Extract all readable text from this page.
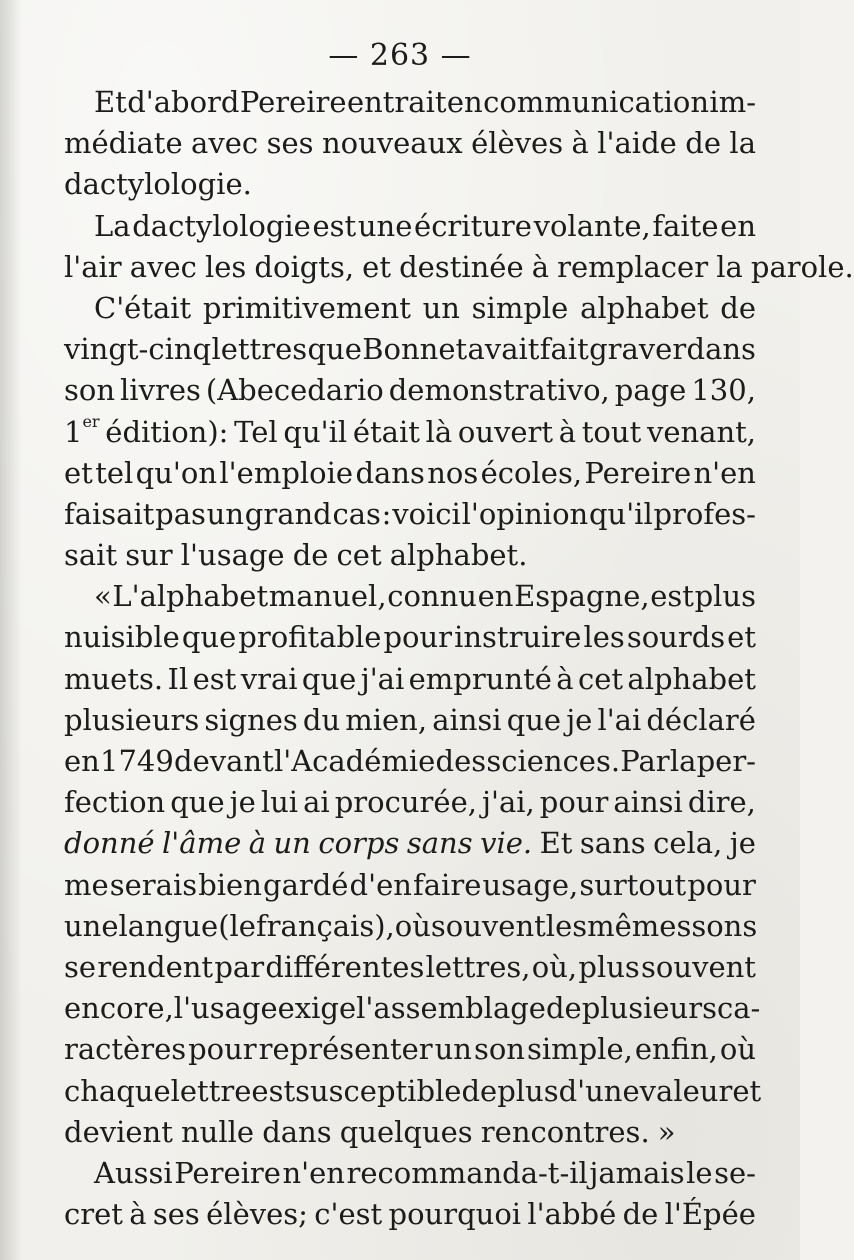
— 263 —
Et d'abord Pereire entrait en communication im-
médiate avec ses nouveaux élèves à l'aide de la
dactylologie.
La dactylologie est une écriture volante, faite en
l'air avec les doigts, et destinée à remplacer la parole.
C'était primitivement un simple alphabet de
vingt-cinq lettres que Bonnet avait fait graver dans
son livres (Abecedario demonstrativo, page 130,
1er édition): Tel qu'il était là ouvert à tout venant,
et tel qu'on l'emploie dans nos écoles, Pereire n'en
faisait pas un grand cas : voici l'opinion qu'il profes-
sait sur l'usage de cet alphabet.
« L'alphabet manuel, connu en Espagne, est plus
nuisible que profitable pour instruire les sourds et
muets. Il est vrai que j'ai emprunté à cet alphabet
plusieurs signes du mien, ainsi que je l'ai déclaré
en 1749 devant l'Académie des sciences. Par la per-
fection que je lui ai procurée, j'ai, pour ainsi dire,
donné l'âme à un corps sans vie. Et sans cela, je
me serais bien gardé d'en faire usage, surtout pour
une langue (le français), où souvent les mêmes sons
se rendent par différentes lettres, où, plus souvent
encore, l'usage exige l'assemblage de plusieurs ca-
ractères pour représenter un son simple, enfin, où
chaque lettre est susceptible de plus d'une valeur et
devient nulle dans quelques rencontres. »
Aussi Pereire n'en recommanda-t-il jamais le se-
cret à ses élèves; c'est pourquoi l'abbé de l'Épée
